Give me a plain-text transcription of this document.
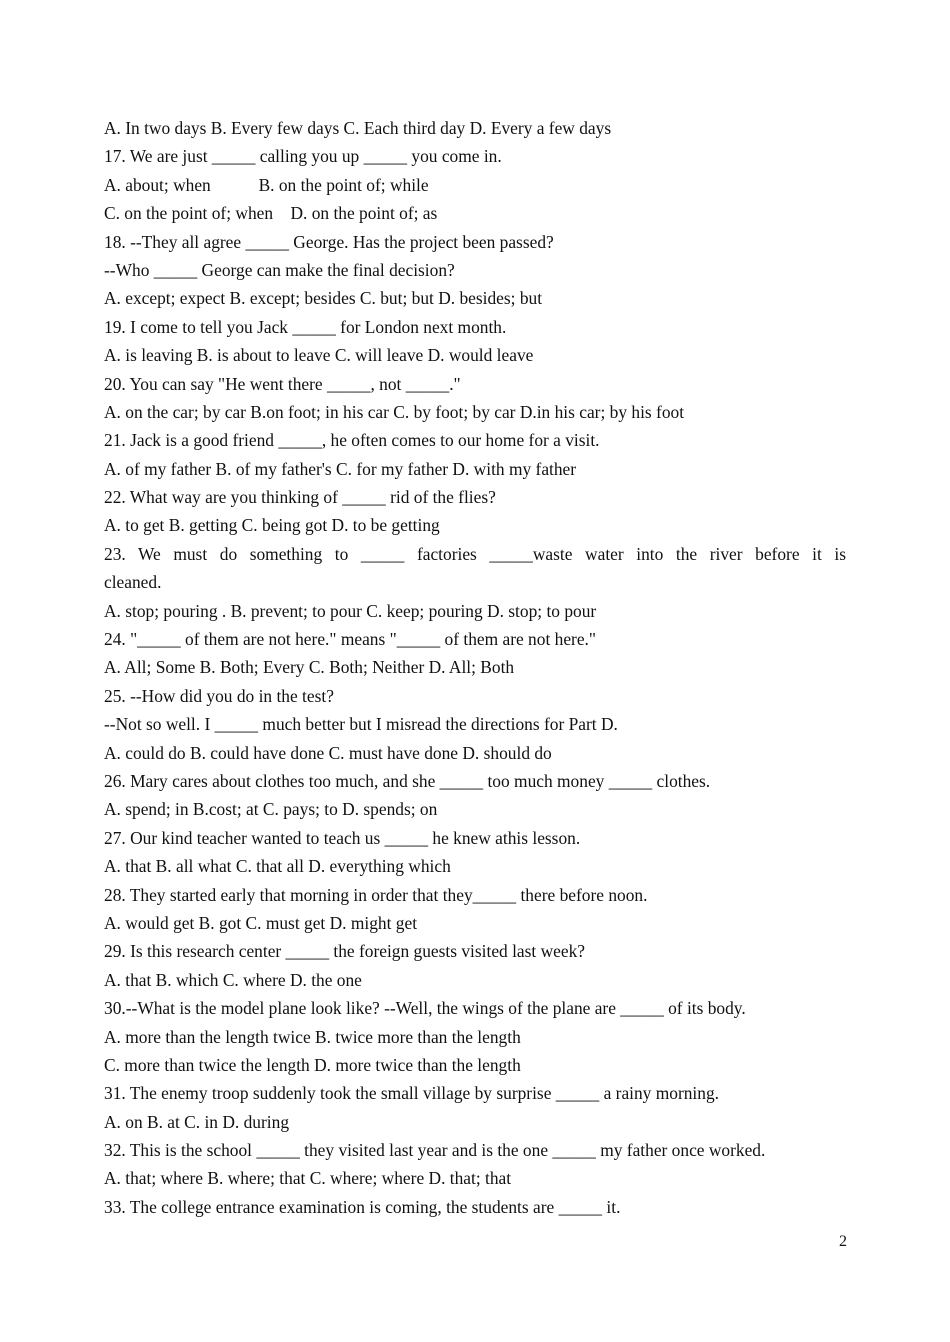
A. In two days B. Every few days C. Each third day D. Every a few days
17. We are just _____ calling you up _____ you come in.
A. about; when           B. on the point of; while
C. on the point of; when    D. on the point of; as
18. --They all agree _____ George. Has the project been passed?
--Who _____ George can make the final decision?
A. except; expect B. except; besides C. but; but D. besides; but
19. I come to tell you Jack _____ for London next month.
A. is leaving B. is about to leave C. will leave D. would leave
20. You can say "He went there _____, not _____."
A. on the car; by car B.on foot; in his car C. by foot; by car D.in his car; by his foot
21. Jack is a good friend _____, he often comes to our home for a visit.
A. of my father B. of my father's C. for my father D. with my father
22. What way are you thinking of _____ rid of the flies?
A. to get B. getting C. being got D. to be getting
23. We must do something to _____ factories _____waste water into the river before it is
cleaned.
A. stop; pouring . B. prevent; to pour C. keep; pouring D. stop; to pour
24. "_____ of them are not here." means "_____ of them are not here."
A. All; Some B. Both; Every C. Both; Neither D. All; Both
25. --How did you do in the test?
--Not so well. I _____ much better but I misread the directions for Part D.
A. could do B. could have done C. must have done D. should do
26. Mary cares about clothes too much, and she _____ too much money _____ clothes.
A. spend; in B.cost; at C. pays; to D. spends; on
27. Our kind teacher wanted to teach us _____ he knew athis lesson.
A. that B. all what C. that all D. everything which
28. They started early that morning in order that they_____ there before noon.
A. would get B. got C. must get D. might get
29. Is this research center _____ the foreign guests visited last week?
A. that B. which C. where D. the one
30.--What is the model plane look like? --Well, the wings of the plane are _____ of its body.
A. more than the length twice B. twice more than the length
C. more than twice the length D. more twice than the length
31. The enemy troop suddenly took the small village by surprise _____ a rainy morning.
A. on B. at C. in D. during
32. This is the school _____ they visited last year and is the one _____ my father once worked.
A. that; where B. where; that C. where; where D. that; that
33. The college entrance examination is coming, the students are _____ it.
2
